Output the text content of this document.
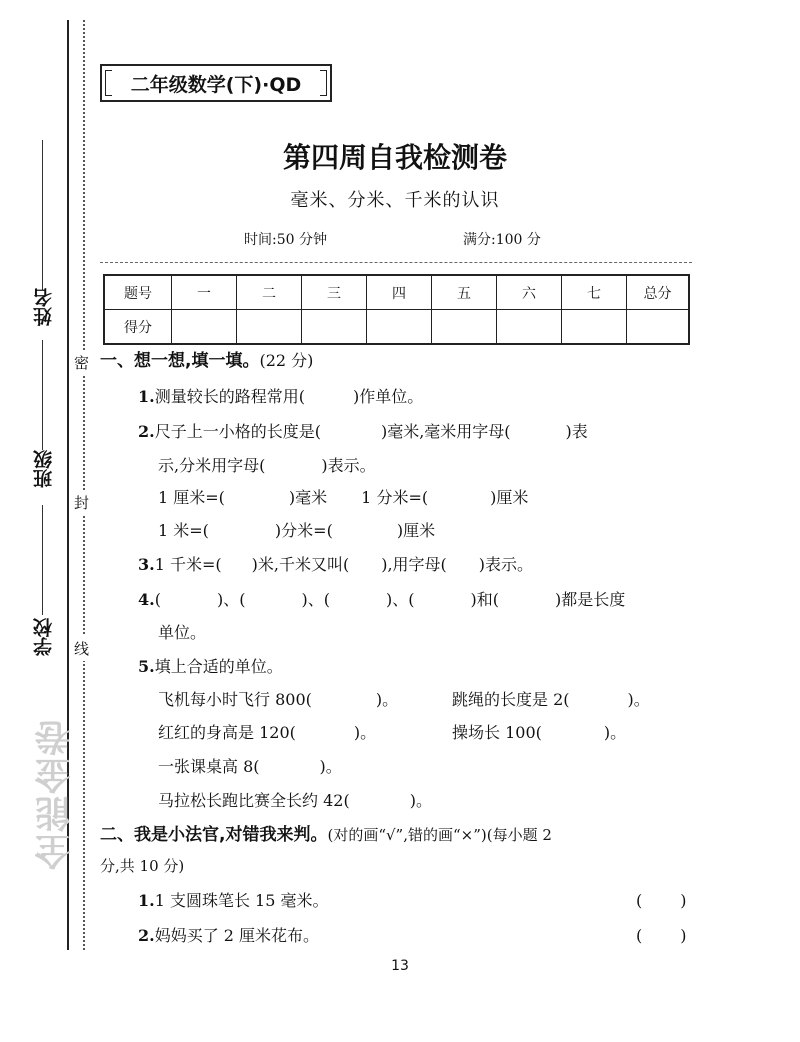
姓名
班级
学校
密
封
线
全能金卷
二年级数学(下)·QD
第四周自我检测卷
毫米、分米、千米的认识
时间:50 分钟	满分:100 分
题号	一	二	三	四	五	六	七	总分
得分								
一、想一想,填一填。(22 分)
1.测量较长的路程常用(	)作单位。
2.尺子上一小格的长度是(	)毫米,毫米用字母(	)表
示,分米用字母(	)表示。
1 厘米=(	)毫米 1 分米=(	)厘米
1 米=(	)分米=(	)厘米
3.1 千米=( )米,千米又叫( ),用字母( )表示。
4.(	)、(	)、(	)、(	)和(	)都是长度
单位。
5.填上合适的单位。
飞机每小时飞行 800(	)。	跳绳的长度是 2(	)。
红红的身高是 120(	)。	操场长 100(	)。
一张课桌高 8(	)。
马拉松长跑比赛全长约 42(	)。
二、我是小法官,对错我来判。(对的画“√”,错的画“×”)(每小题 2
分,共 10 分)
1.1 支圆珠笔长 15 毫米。	( )
2.妈妈买了 2 厘米花布。	( )
13
